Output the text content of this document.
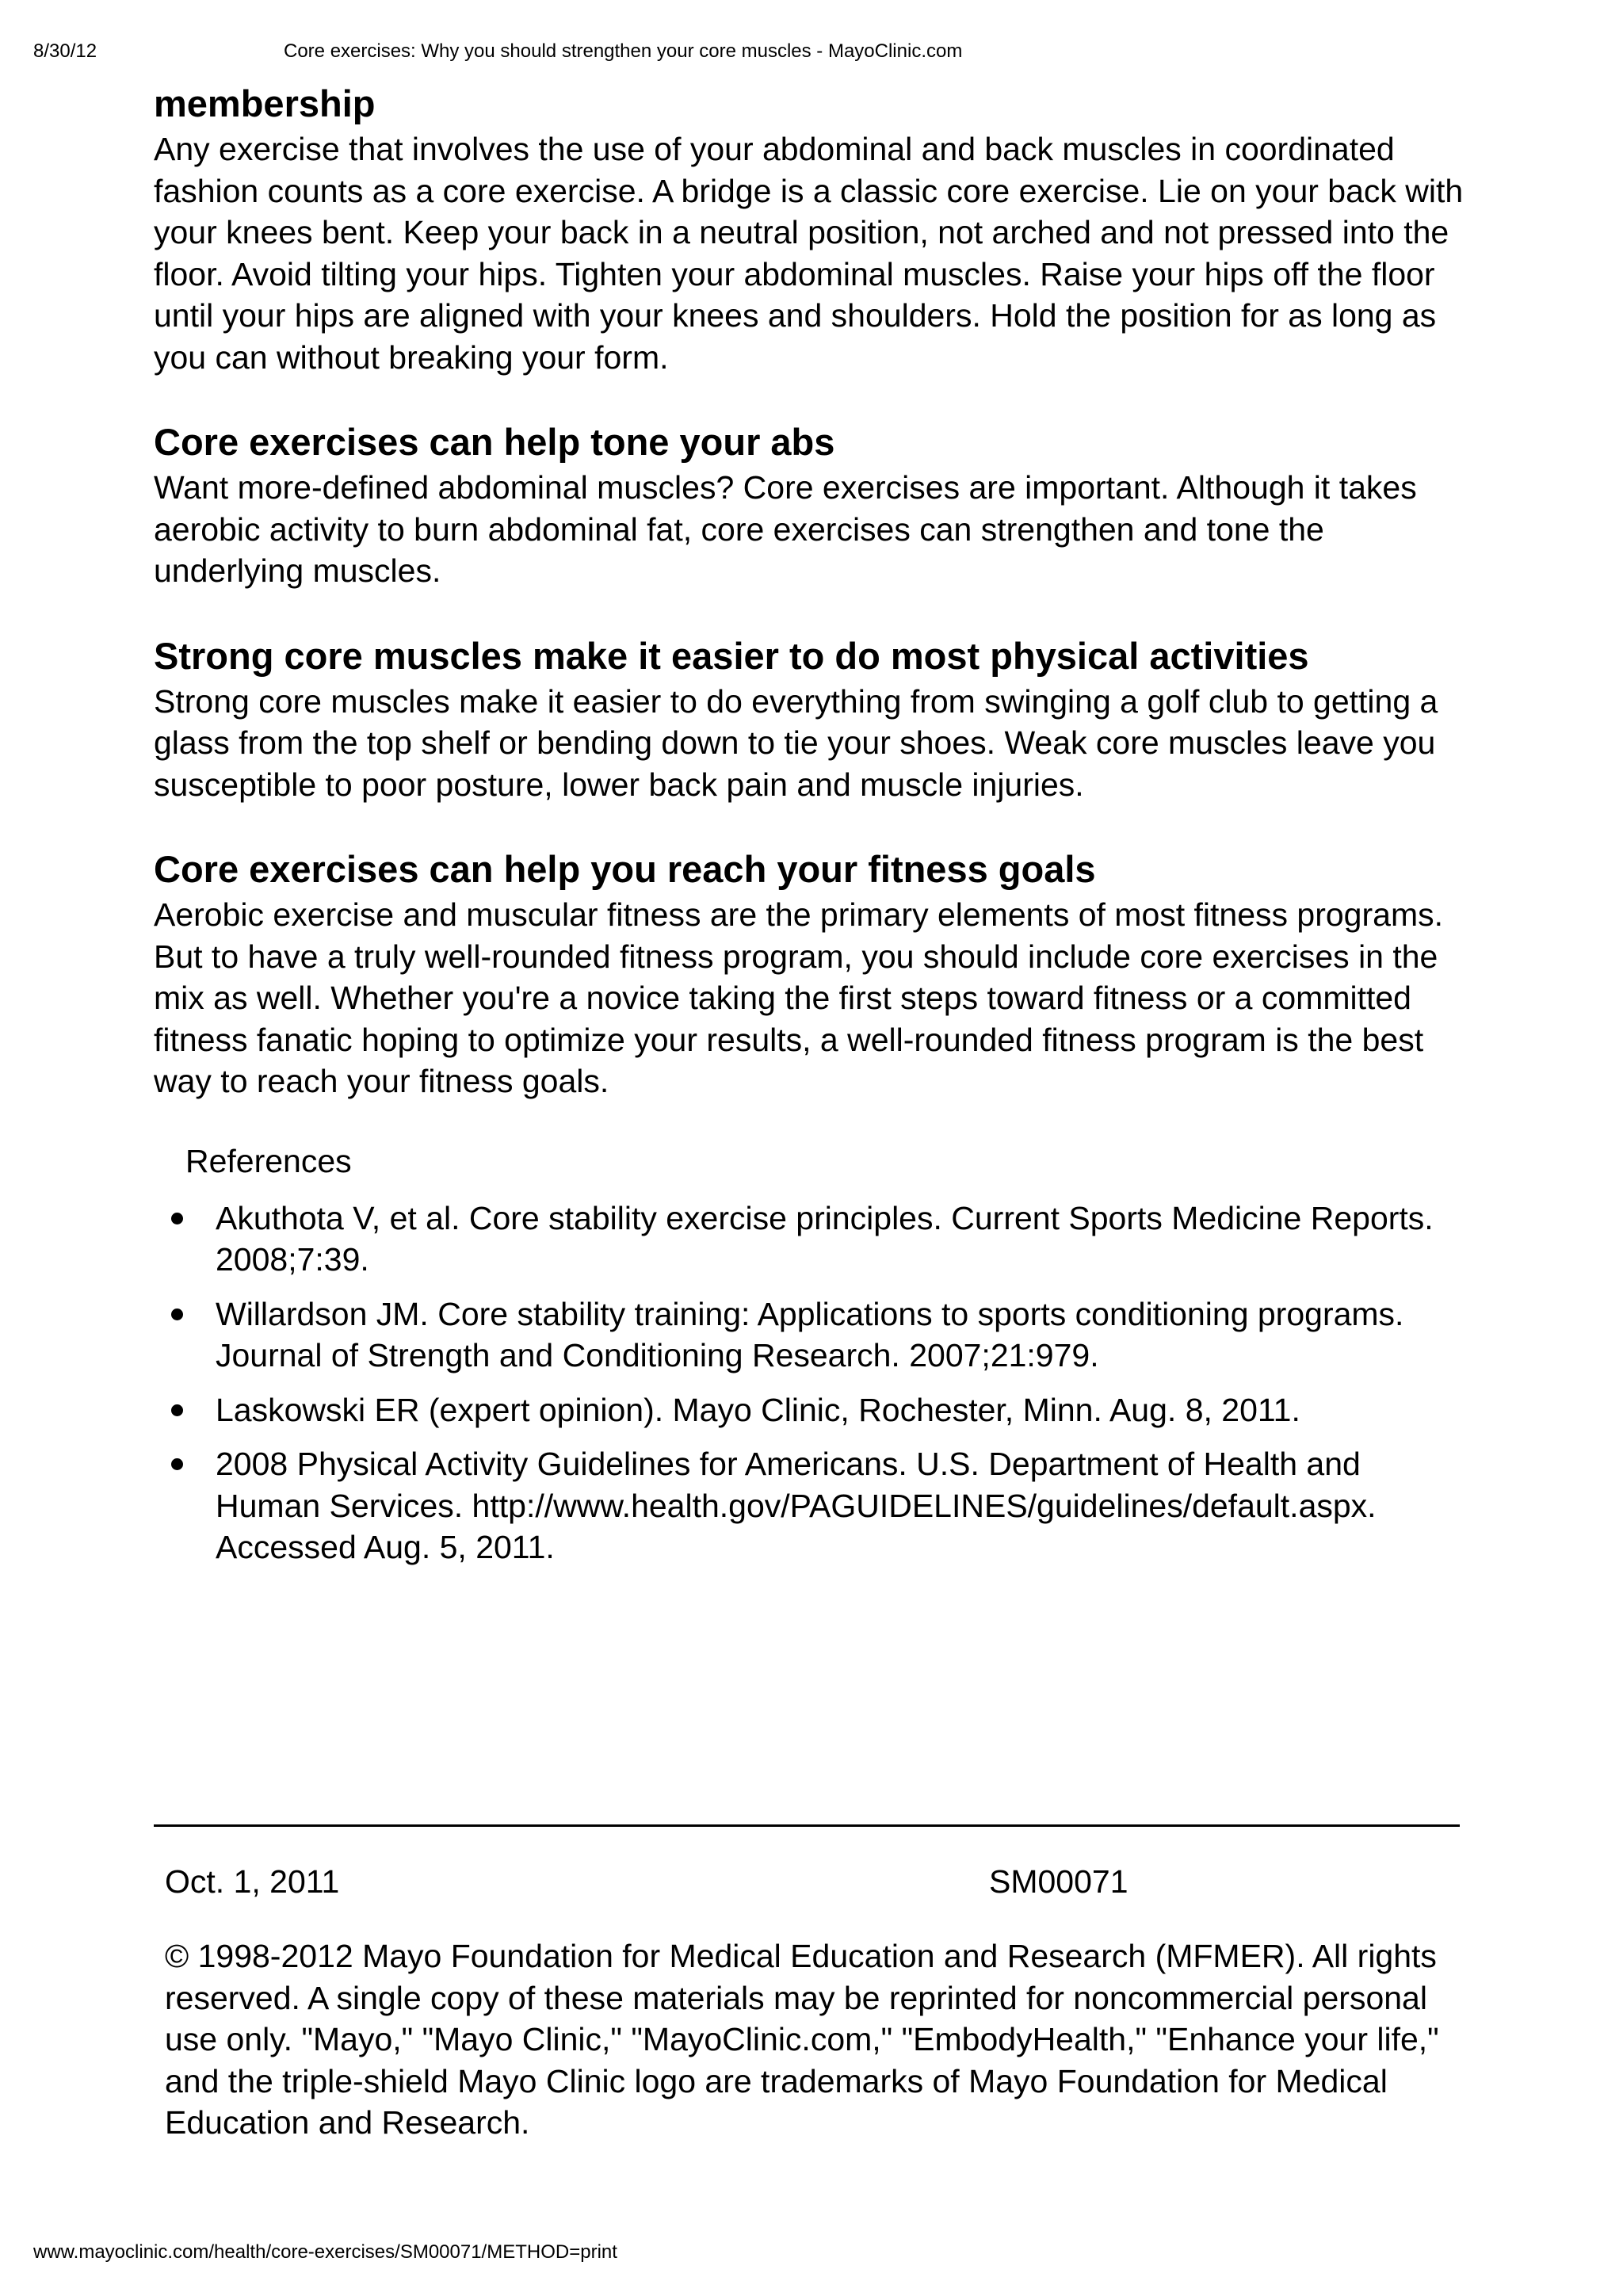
8/30/12	Core exercises: Why you should strengthen your core muscles - MayoClinic.com
membership

Any exercise that involves the use of your abdominal and back muscles in coordinated fashion counts as a core exercise. A bridge is a classic core exercise. Lie on your back with your knees bent. Keep your back in a neutral position, not arched and not pressed into the floor. Avoid tilting your hips. Tighten your abdominal muscles. Raise your hips off the floor until your hips are aligned with your knees and shoulders. Hold the position for as long as you can without breaking your form.

Core exercises can help tone your abs

Want more-defined abdominal muscles? Core exercises are important. Although it takes aerobic activity to burn abdominal fat, core exercises can strengthen and tone the underlying muscles.

Strong core muscles make it easier to do most physical activities

Strong core muscles make it easier to do everything from swinging a golf club to getting a glass from the top shelf or bending down to tie your shoes. Weak core muscles leave you susceptible to poor posture, lower back pain and muscle injuries.

Core exercises can help you reach your fitness goals

Aerobic exercise and muscular fitness are the primary elements of most fitness programs. But to have a truly well-rounded fitness program, you should include core exercises in the mix as well. Whether you're a novice taking the first steps toward fitness or a committed fitness fanatic hoping to optimize your results, a well-rounded fitness program is the best way to reach your fitness goals.

References
Akuthota V, et al. Core stability exercise principles. Current Sports Medicine Reports. 2008;7:39.
Willardson JM. Core stability training: Applications to sports conditioning programs. Journal of Strength and Conditioning Research. 2007;21:979.
Laskowski ER (expert opinion). Mayo Clinic, Rochester, Minn. Aug. 8, 2011.
2008 Physical Activity Guidelines for Americans. U.S. Department of Health and Human Services. http://www.health.gov/PAGUIDELINES/guidelines/default.aspx. Accessed Aug. 5, 2011.
Oct. 1, 2011	SM00071

© 1998-2012 Mayo Foundation for Medical Education and Research (MFMER). All rights reserved. A single copy of these materials may be reprinted for noncommercial personal use only. "Mayo," "Mayo Clinic," "MayoClinic.com," "EmbodyHealth," "Enhance your life," and the triple-shield Mayo Clinic logo are trademarks of Mayo Foundation for Medical Education and Research.

www.mayoclinic.com/health/core-exercises/SM00071/METHOD=print
